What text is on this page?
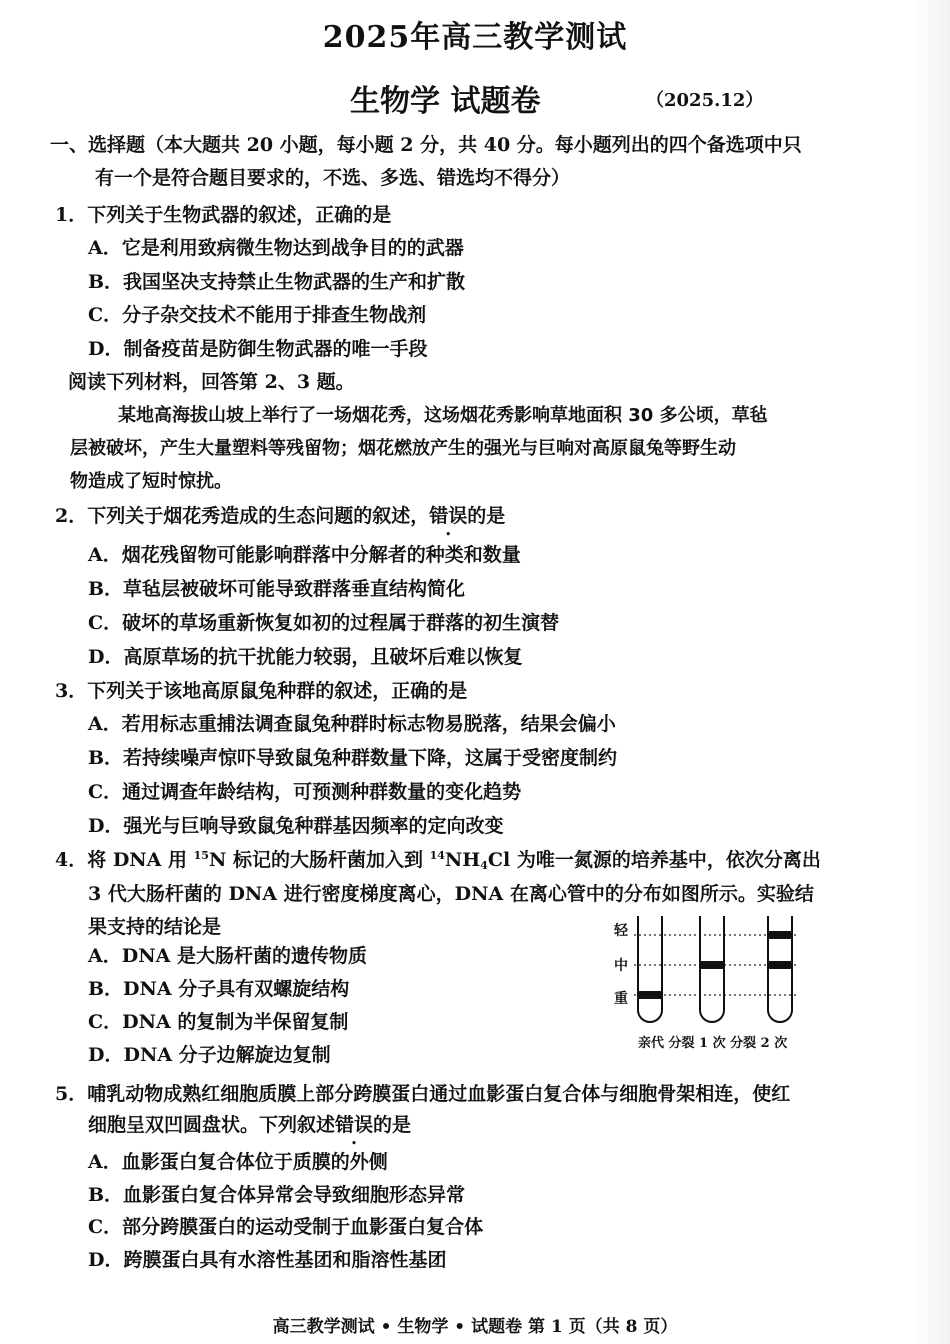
2025年高三教学测试
生物学 试题卷	（2025.12）
一、选择题（本大题共 20 小题，每小题 2 分，共 40 分。每小题列出的四个备选项中只
有一个是符合题目要求的，不选、多选、错选均不得分）
1．下列关于生物武器的叙述，正确的是
A．它是利用致病微生物达到战争目的的武器
B．我国坚决支持禁止生物武器的生产和扩散
C．分子杂交技术不能用于排查生物战剂
D．制备疫苗是防御生物武器的唯一手段
阅读下列材料，回答第 2、3 题。
某地高海拔山坡上举行了一场烟花秀，这场烟花秀影响草地面积 30 多公顷，草毡
层被破坏，产生大量塑料等残留物；烟花燃放产生的强光与巨响对高原鼠兔等野生动
物造成了短时惊扰。
2．下列关于烟花秀造成的生态问题的叙述，错误的是
A．烟花残留物可能影响群落中分解者的种类和数量
B．草毡层被破坏可能导致群落垂直结构简化
C．破坏的草场重新恢复如初的过程属于群落的初生演替
D．高原草场的抗干扰能力较弱，且破坏后难以恢复
3．下列关于该地高原鼠兔种群的叙述，正确的是
A．若用标志重捕法调查鼠兔种群时标志物易脱落，结果会偏小
B．若持续噪声惊吓导致鼠兔种群数量下降，这属于受密度制约
C．通过调查年龄结构，可预测种群数量的变化趋势
D．强光与巨响导致鼠兔种群基因频率的定向改变
4．将 DNA 用 $^{15}$N 标记的大肠杆菌加入到 $^{14}NH_4Cl$ 为唯一氮源的培养基中，依次分离出
3 代大肠杆菌的 DNA 进行密度梯度离心，DNA 在离心管中的分布如图所示。实验结
果支持的结论是
A．DNA 是大肠杆菌的遗传物质
B．DNA 分子具有双螺旋结构
C．DNA 的复制为半保留复制
D．DNA 分子边解旋边复制
轻
中
重
亲代 分裂 1 次 分裂 2 次
5．哺乳动物成熟红细胞质膜上部分跨膜蛋白通过血影蛋白复合体与细胞骨架相连，使红
细胞呈双凹圆盘状。下列叙述错误的是
A．血影蛋白复合体位于质膜的外侧
B．血影蛋白复合体异常会导致细胞形态异常
C．部分跨膜蛋白的运动受制于血影蛋白复合体
D．跨膜蛋白具有水溶性基团和脂溶性基团
高三教学测试 • 生物学 • 试题卷 第 1 页（共 8 页）
